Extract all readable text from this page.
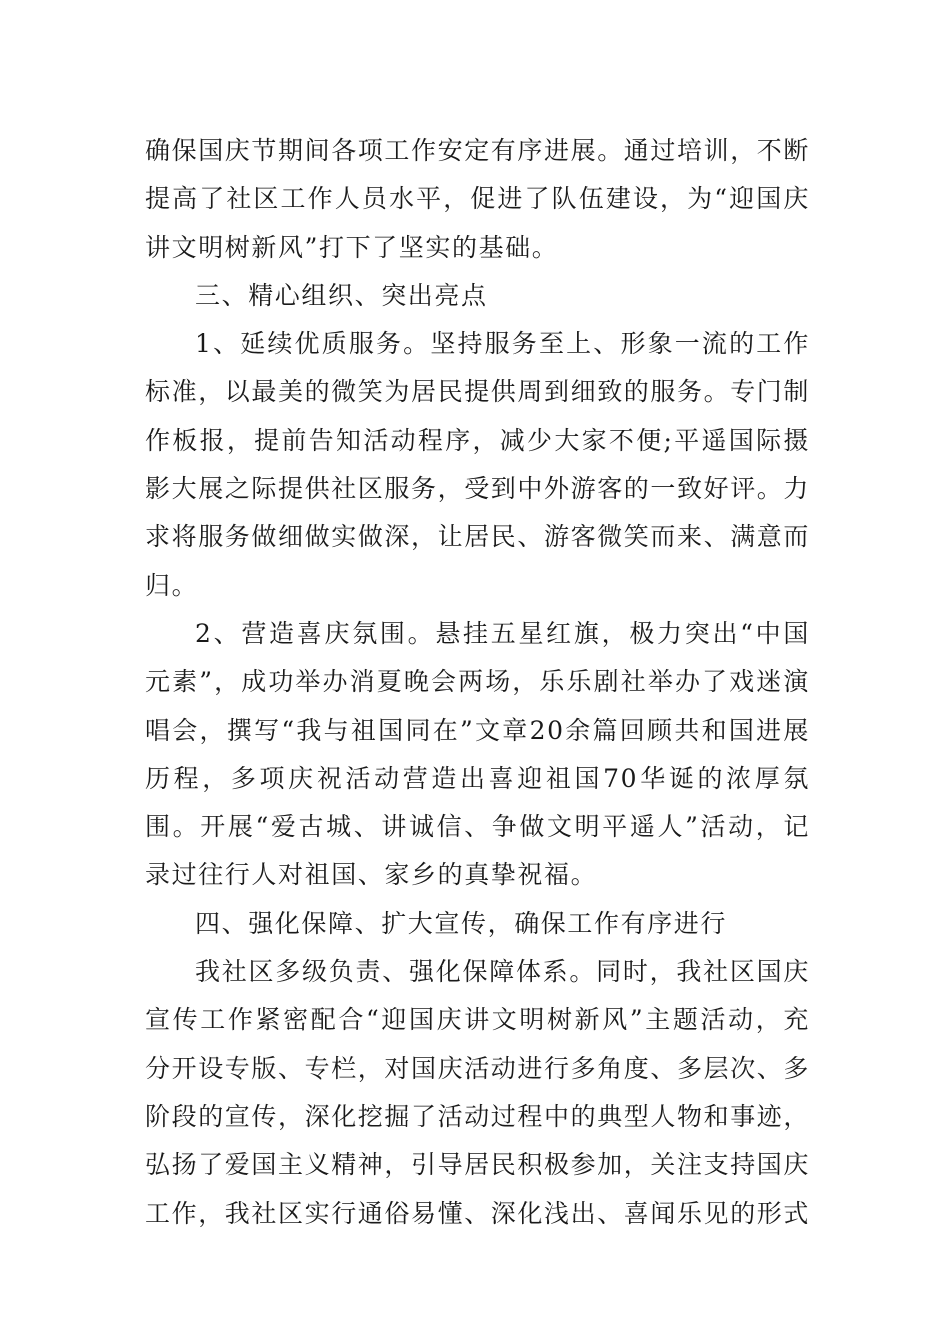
确保国庆节期间各项工作安定有序进展。通过培训，不断提高了社区工作人员水平，促进了队伍建设，为“迎国庆讲文明树新风”打下了坚实的基础。

三、精心组织、突出亮点

1、延续优质服务。坚持服务至上、形象一流的工作标准，以最美的微笑为居民提供周到细致的服务。专门制作板报，提前告知活动程序，减少大家不便;平遥国际摄影大展之际提供社区服务，受到中外游客的一致好评。力求将服务做细做实做深，让居民、游客微笑而来、满意而归。

2、营造喜庆氛围。悬挂五星红旗，极力突出“中国元素”，成功举办消夏晚会两场，乐乐剧社举办了戏迷演唱会，撰写“我与祖国同在”文章20余篇回顾共和国进展历程，多项庆祝活动营造出喜迎祖国70华诞的浓厚氛围。开展“爱古城、讲诚信、争做文明平遥人”活动，记录过往行人对祖国、家乡的真挚祝福。

四、强化保障、扩大宣传，确保工作有序进行

我社区多级负责、强化保障体系。同时，我社区国庆宣传工作紧密配合“迎国庆讲文明树新风”主题活动，充分开设专版、专栏，对国庆活动进行多角度、多层次、多阶段的宣传，深化挖掘了活动过程中的典型人物和事迹，弘扬了爱国主义精神，引导居民积极参加，关注支持国庆工作，我社区实行通俗易懂、深化浅出、喜闻乐见的形式
